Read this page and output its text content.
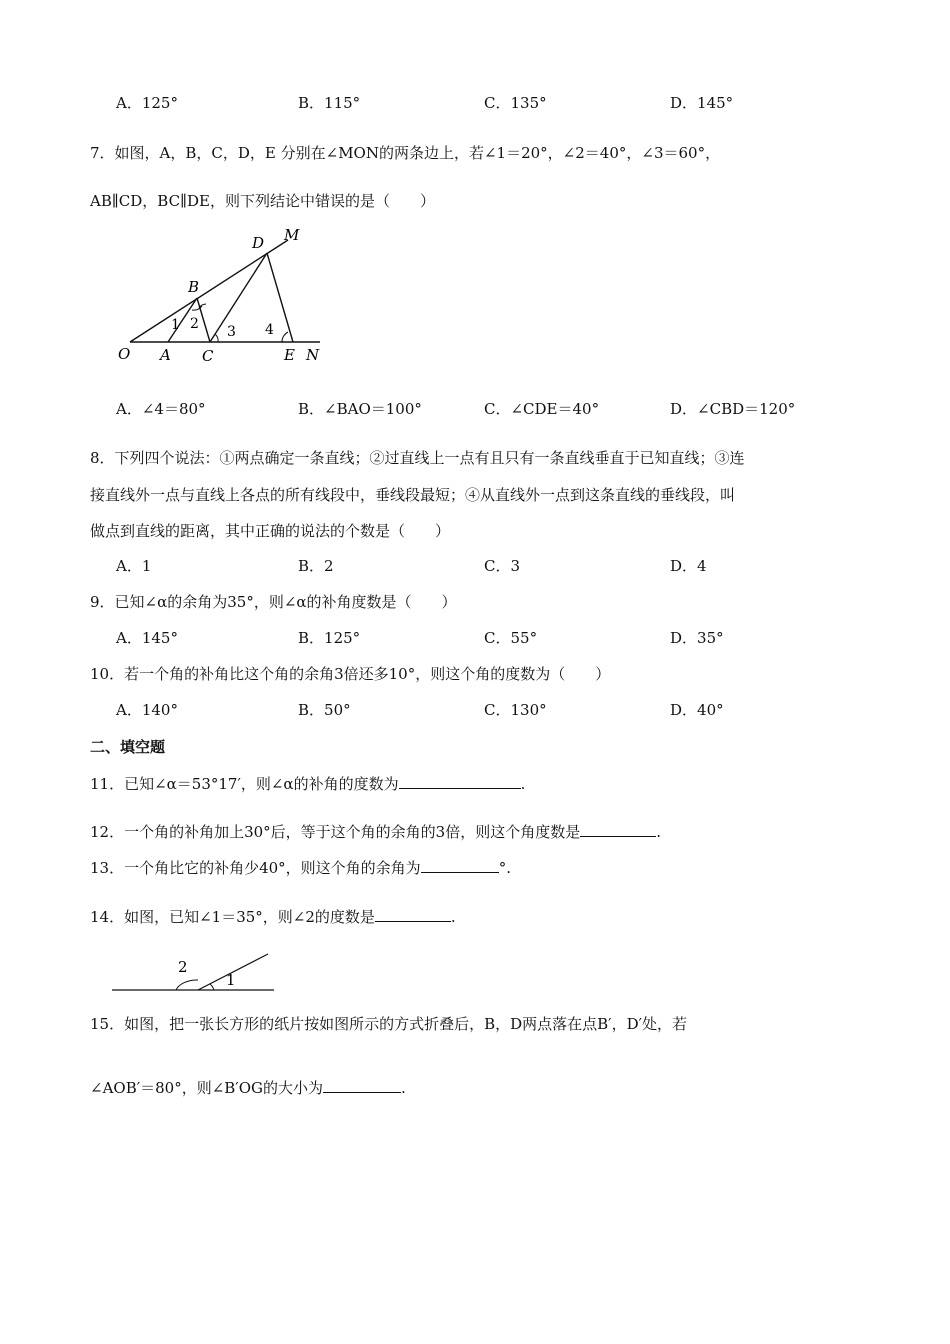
A．125°	B．115°	C．135°	D．145°
7．如图，A，B，C，D，E 分别在∠MON的两条边上，若∠1＝20°，∠2＝40°，∠3＝60°，
AB∥CD，BC∥DE，则下列结论中错误的是（　　）
D M
B
1 2 3 4
O A C	E N
A．∠4＝80°	B．∠BAO＝100°	C．∠CDE＝40°	D．∠CBD＝120°
8．下列四个说法：①两点确定一条直线；②过直线上一点有且只有一条直线垂直于已知直线；③连
接直线外一点与直线上各点的所有线段中，垂线段最短；④从直线外一点到这条直线的垂线段，叫
做点到直线的距离，其中正确的说法的个数是（　　）
A．1	B．2	C．3	D．4
9．已知∠α的余角为35°，则∠α的补角度数是（　　）
A．145°	B．125°	C．55°	D．35°
10．若一个角的补角比这个角的余角3倍还多10°，则这个角的度数为（　　）
A．140°	B．50°	C．130°	D．40°
二、填空题
11．已知∠α＝53°17′，则∠α的补角的度数为	.
12．一个角的补角加上30°后，等于这个角的余角的3倍，则这个角度数是	.
13．一个角比它的补角少40°，则这个角的余角为	°.
14．如图，已知∠1＝35°，则∠2的度数是	.
2
1
15．如图，把一张长方形的纸片按如图所示的方式折叠后，B，D两点落在点B′，D′处，若
∠AOB′＝80°，则∠B′OG的大小为	.
